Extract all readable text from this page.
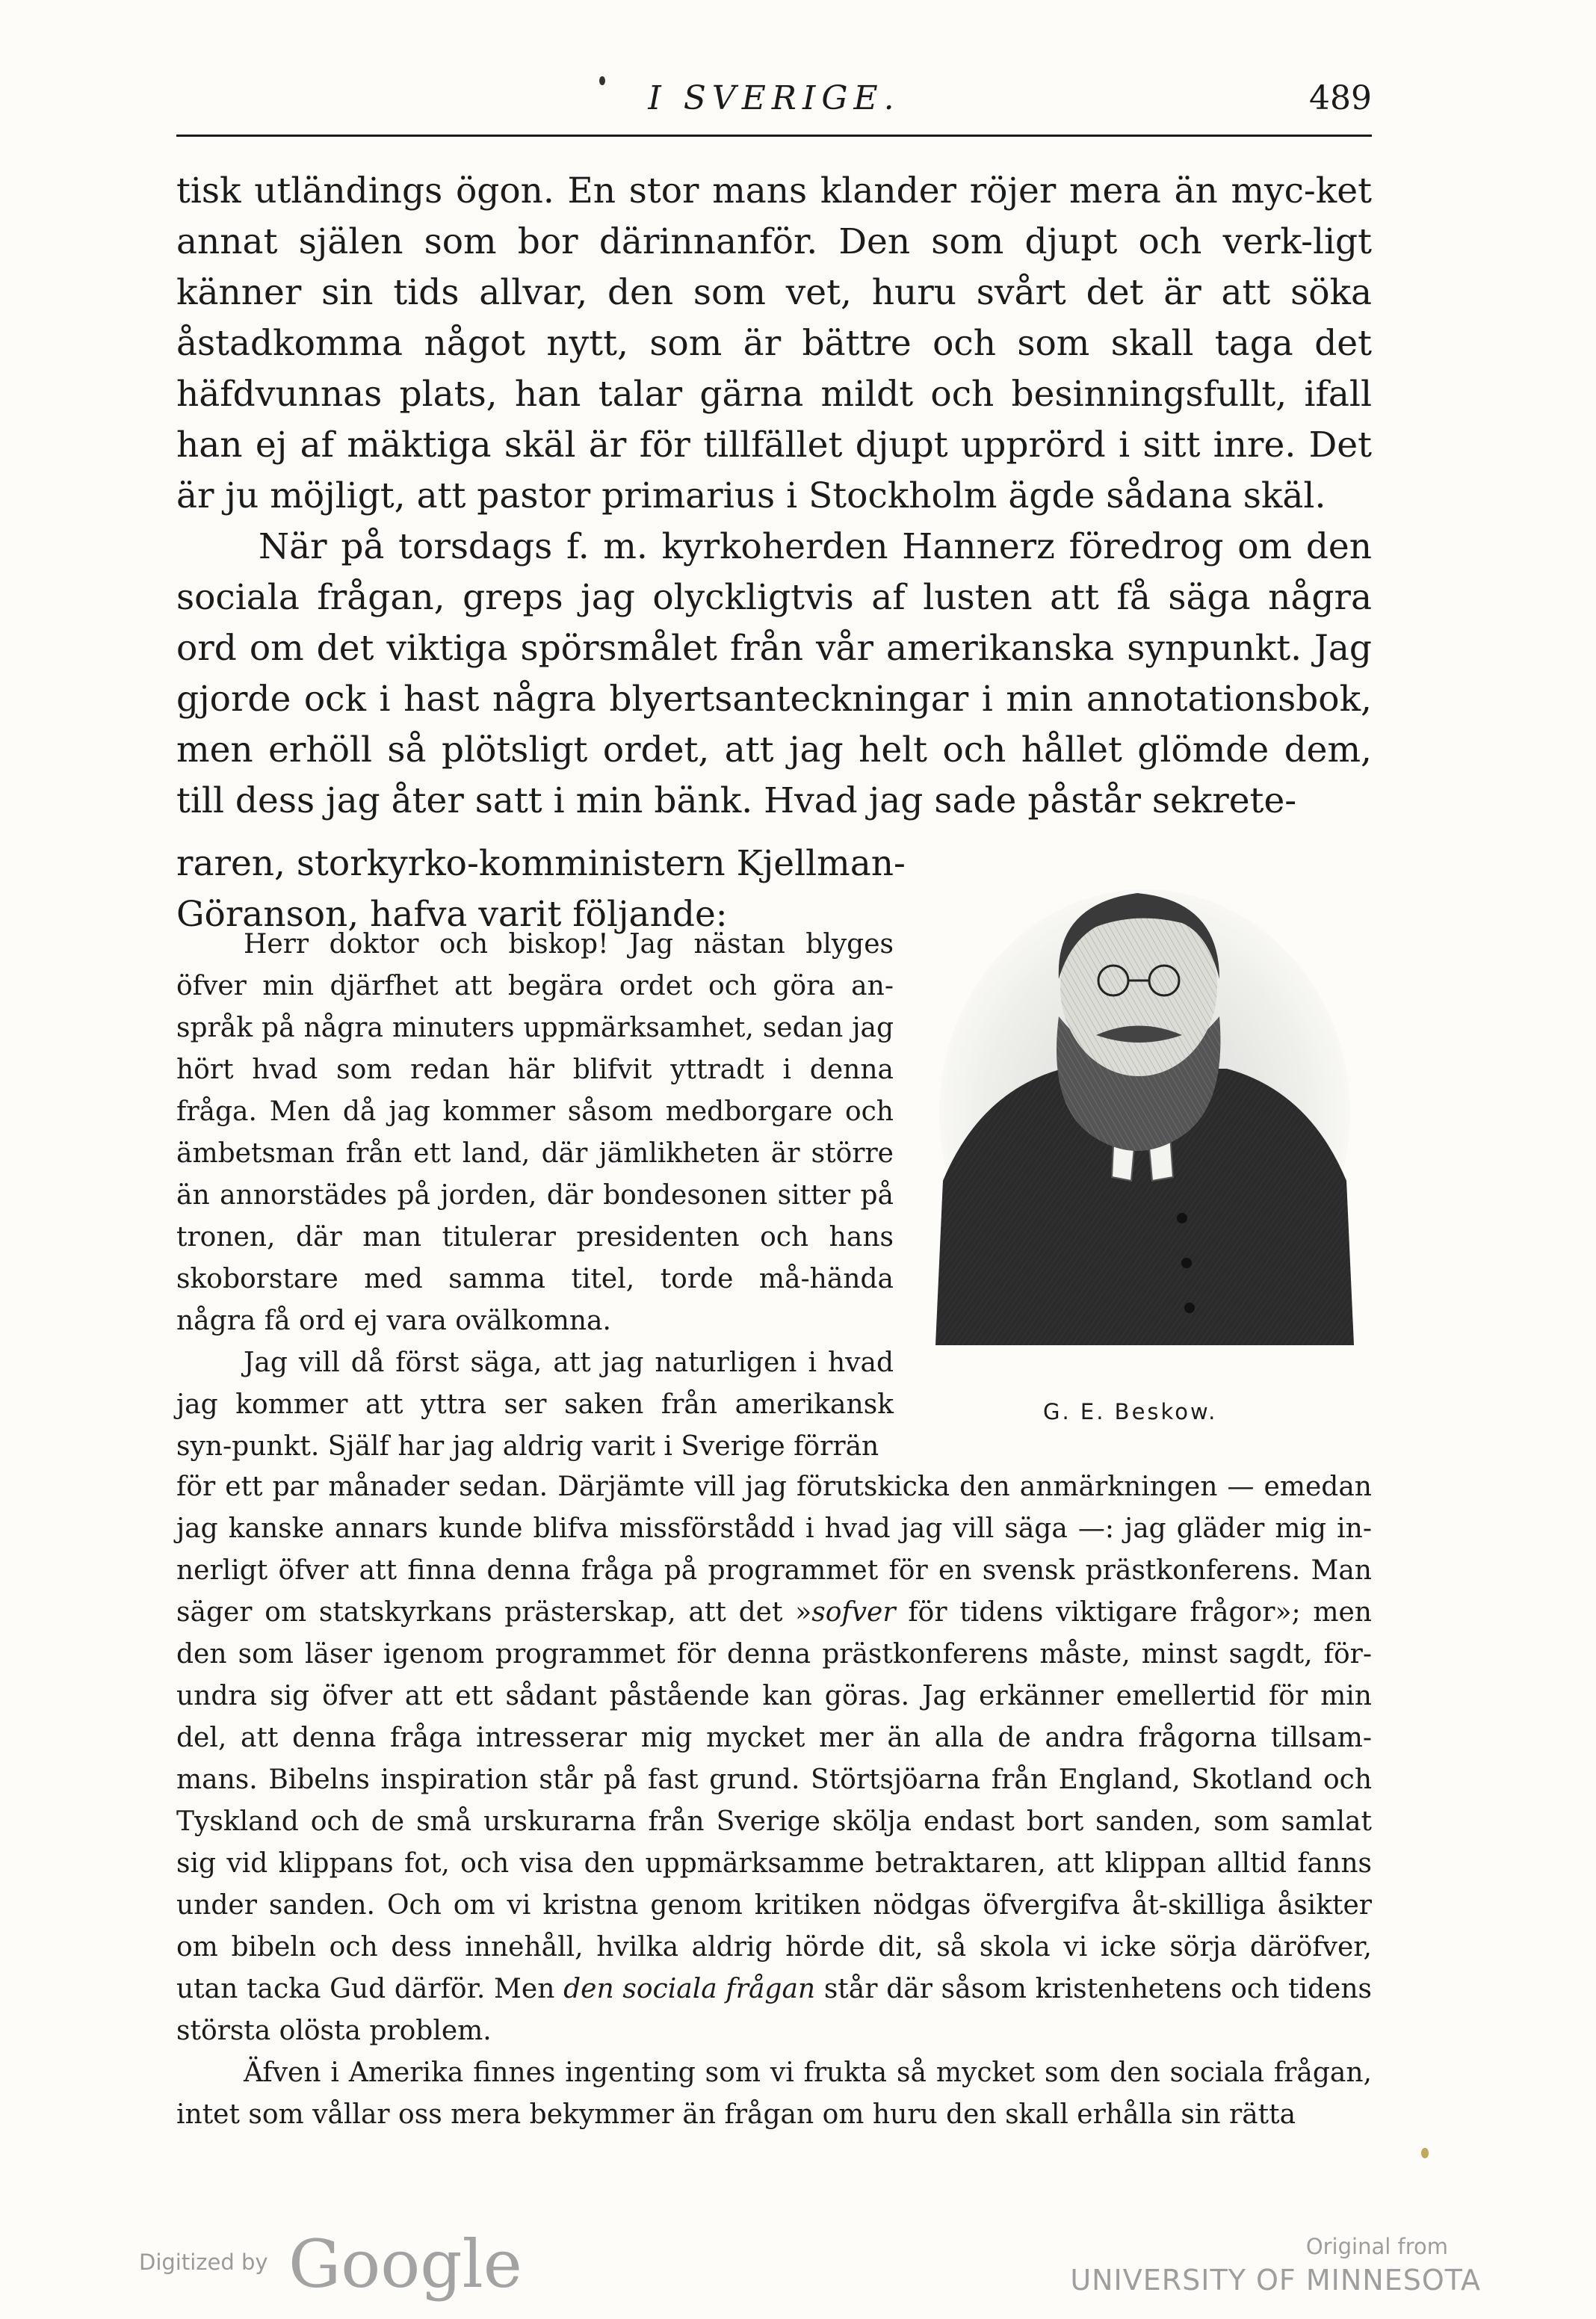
I SVERIGE.	489

tisk utländings ögon. En stor mans klander röjer mera än myc-ket annat själen som bor därinnanför. Den som djupt och verk-ligt känner sin tids allvar, den som vet, huru svårt det är att söka åstadkomma något nytt, som är bättre och som skall taga det häfdvunnas plats, han talar gärna mildt och besinningsfullt, ifall han ej af mäktiga skäl är för tillfället djupt upprörd i sitt inre. Det är ju möjligt, att pastor primarius i Stockholm ägde sådana skäl.

När på torsdags f. m. kyrkoherden Hannerz föredrog om den sociala frågan, greps jag olyckligtvis af lusten att få säga några ord om det viktiga spörsmålet från vår amerikanska synpunkt. Jag gjorde ock i hast några blyertsanteckningar i min annotationsbok, men erhöll så plötsligt ordet, att jag helt och hållet glömde dem, till dess jag åter satt i min bänk. Hvad jag sade påstår sekrete-

raren, storkyrko-komministern Kjellman-

Göranson, hafva varit följande:

Herr doktor och biskop! Jag nästan blyges öfver min djärfhet att begära ordet och göra an-språk på några minuters uppmärksamhet, sedan jag hört hvad som redan här blifvit yttradt i denna fråga. Men då jag kommer såsom medborgare och ämbetsman från ett land, där jämlikheten är större än annorstädes på jorden, där bondesonen sitter på tronen, där man titulerar presidenten och hans skoborstare med samma titel, torde må-hända några få ord ej vara ovälkomna.

Jag vill då först säga, att jag naturligen i hvad jag kommer att yttra ser saken från amerikansk syn-punkt. Själf har jag aldrig varit i Sverige förrän

G. E. Beskow.

för ett par månader sedan. Därjämte vill jag förutskicka den anmärkningen — emedan jag kanske annars kunde blifva missförstådd i hvad jag vill säga —: jag gläder mig in-nerligt öfver att finna denna fråga på programmet för en svensk prästkonferens. Man säger om statskyrkans prästerskap, att det »sofver för tidens viktigare frågor»; men den som läser igenom programmet för denna prästkonferens måste, minst sagdt, för-undra sig öfver att ett sådant påstående kan göras. Jag erkänner emellertid för min del, att denna fråga intresserar mig mycket mer än alla de andra frågorna tillsam-mans. Bibelns inspiration står på fast grund. Störtsjöarna från England, Skotland och Tyskland och de små urskurarna från Sverige skölja endast bort sanden, som samlat sig vid klippans fot, och visa den uppmärksamme betraktaren, att klippan alltid fanns under sanden. Och om vi kristna genom kritiken nödgas öfvergifva åt-skilliga åsikter om bibeln och dess innehåll, hvilka aldrig hörde dit, så skola vi icke sörja däröfver, utan tacka Gud därför. Men den sociala frågan står där såsom kristenhetens och tidens största olösta problem.

Äfven i Amerika finnes ingenting som vi frukta så mycket som den sociala frågan, intet som vållar oss mera bekymmer än frågan om huru den skall erhålla sin rätta

Digitized by Google	Original from
UNIVERSITY OF MINNESOTA
